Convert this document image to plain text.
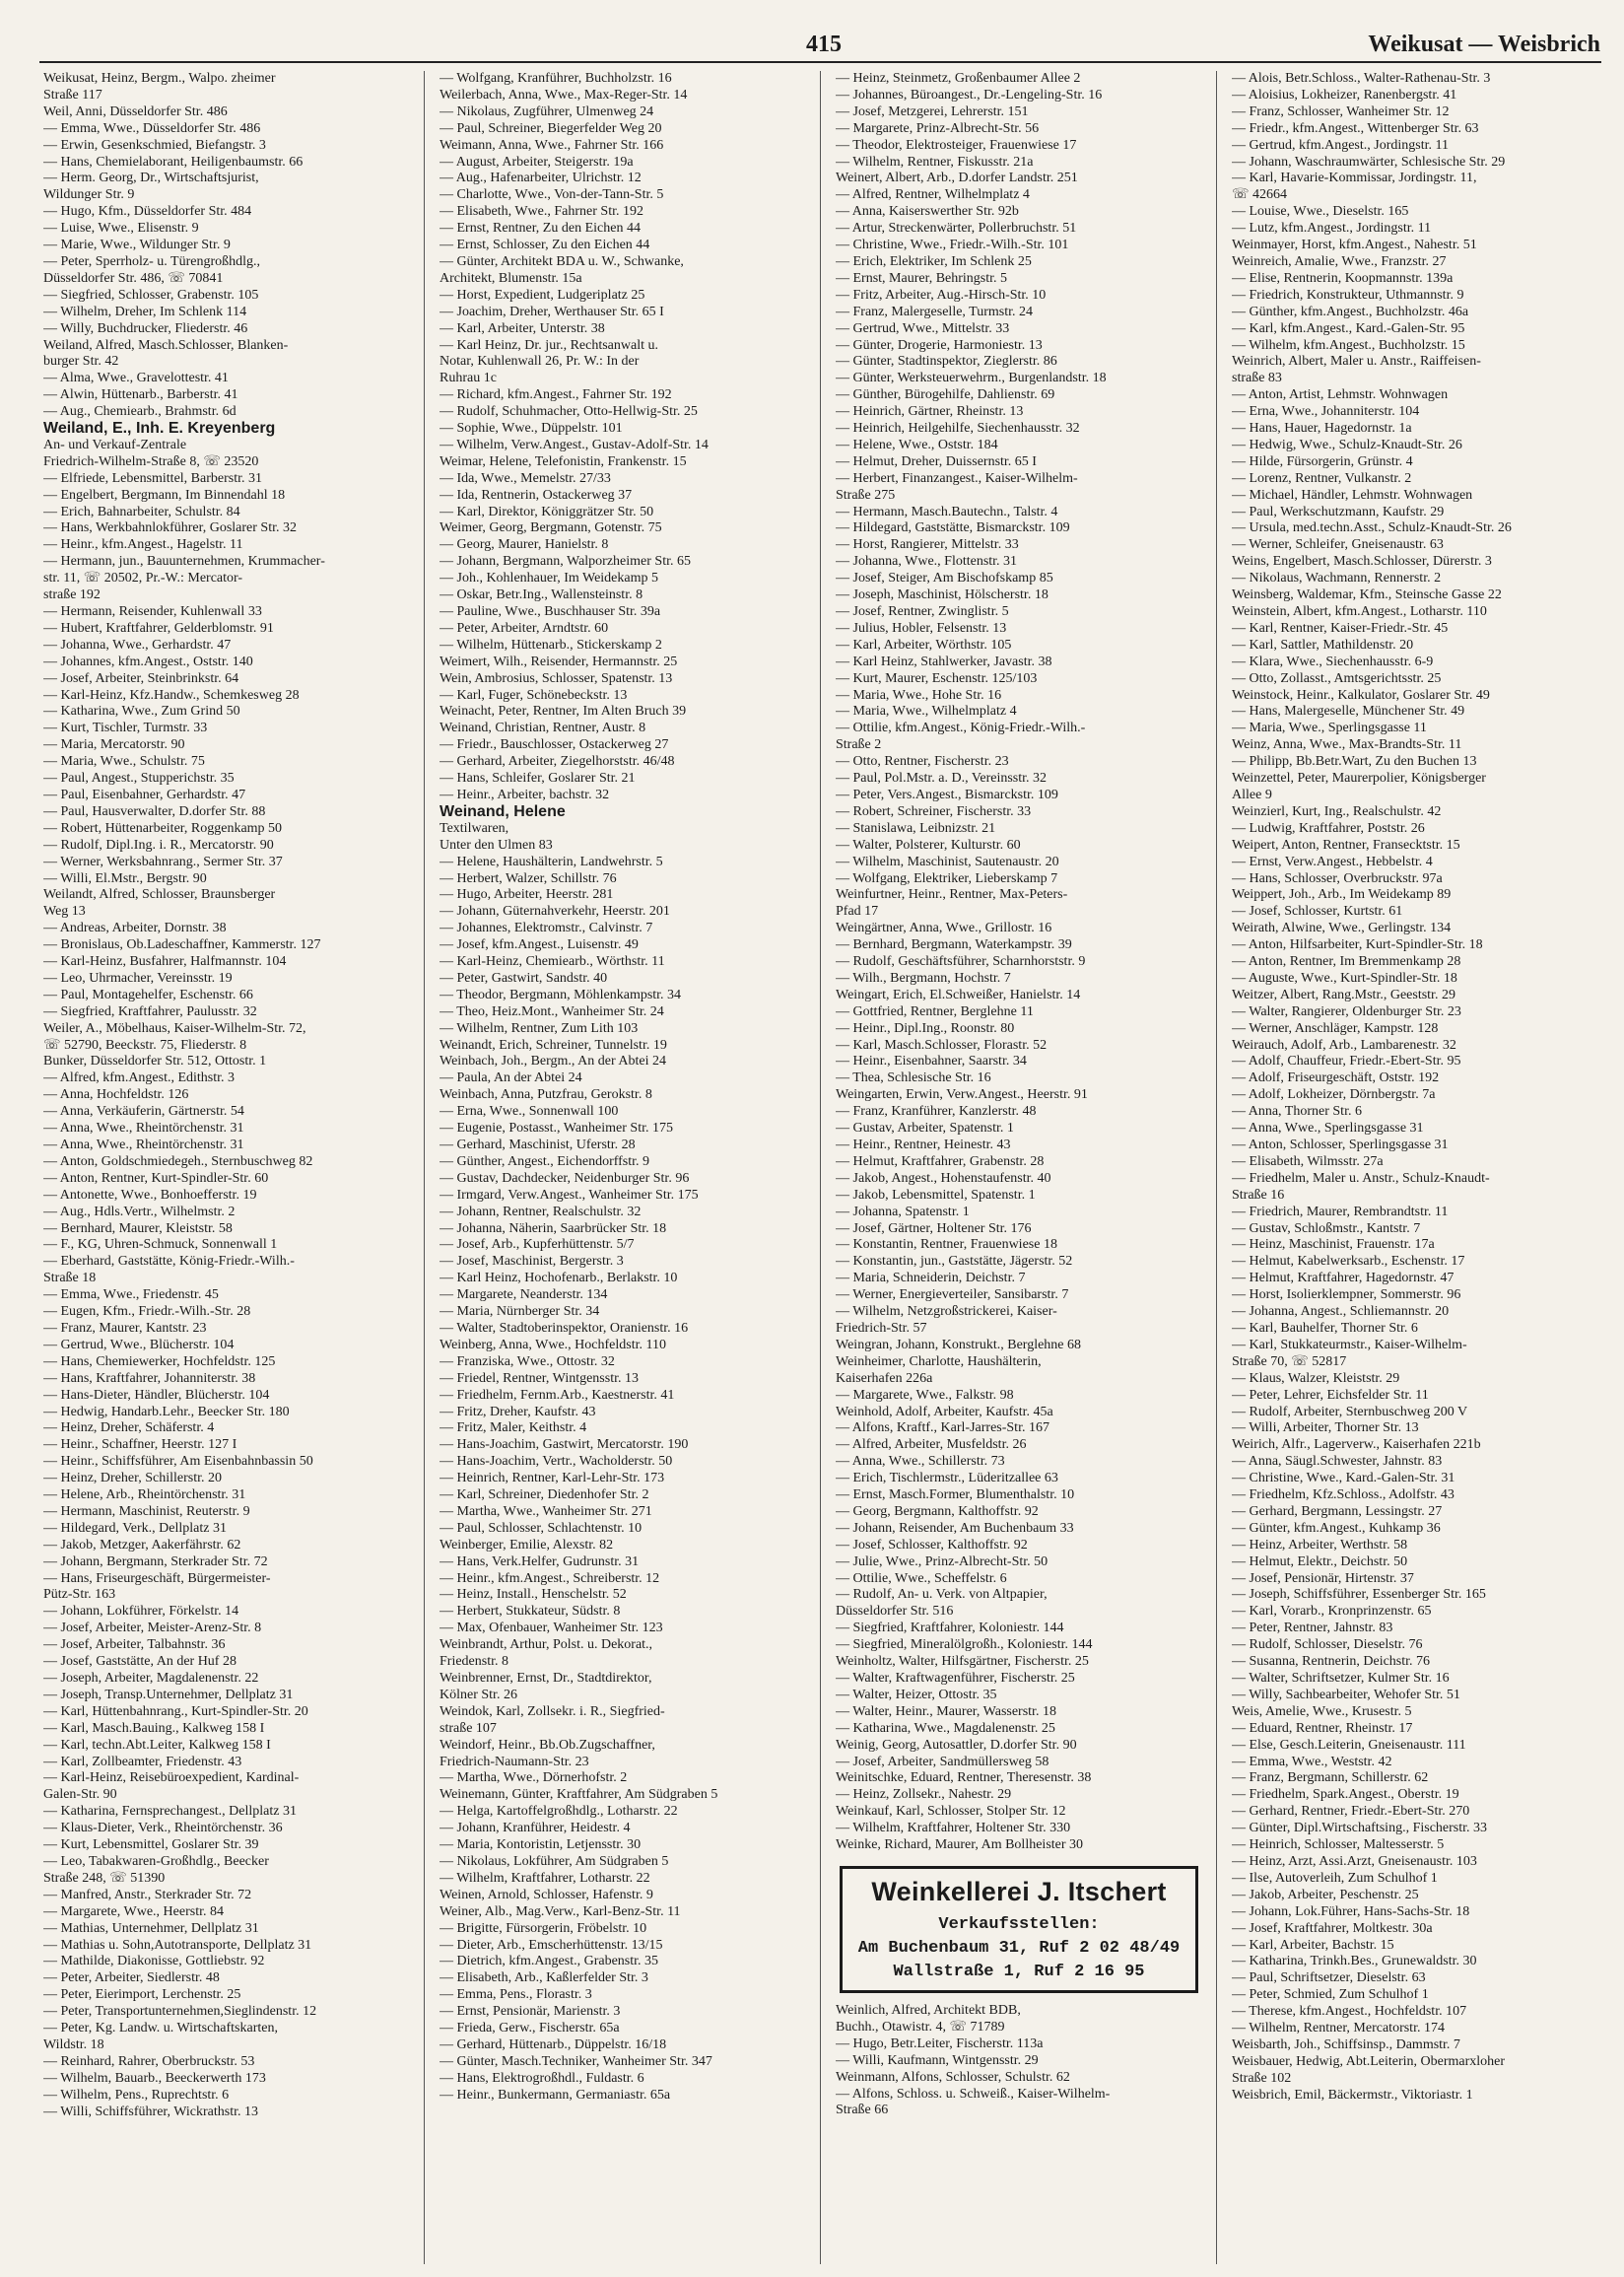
415	Weikusat — Weisbrich
Weikusat, Heinz, Bergm., Walpo. zheimer
Straße 117
Weil, Anni, Düsseldorfer Str. 486
— Emma, Wwe., Düsseldorfer Str. 486
— Erwin, Gesenkschmied, Biefangstr. 3
— Hans, Chemielaborant, Heiligenbaumstr. 66
— Herm. Georg, Dr., Wirtschaftsjurist,
Wildunger Str. 9
— Hugo, Kfm., Düsseldorfer Str. 484
— Luise, Wwe., Elisenstr. 9
— Marie, Wwe., Wildunger Str. 9
— Peter, Sperrholz- u. Türengroßhdlg.,
Düsseldorfer Str. 486, ☏ 70841
— Siegfried, Schlosser, Grabenstr. 105
— Wilhelm, Dreher, Im Schlenk 114
— Willy, Buchdrucker, Fliederstr. 46
Weiland, Alfred, Masch.Schlosser, Blanken-
burger Str. 42
— Alma, Wwe., Gravelottestr. 41
— Alwin, Hüttenarb., Barberstr. 41
— Aug., Chemiearb., Brahmstr. 6d
Weiland, E., Inh. E. Kreyenberg
An- und Verkauf-Zentrale
Friedrich-Wilhelm-Straße 8, ☏ 23520
— Elfriede, Lebensmittel, Barberstr. 31
— Engelbert, Bergmann, Im Binnendahl 18
— Erich, Bahnarbeiter, Schulstr. 84
— Hans, Werkbahnlokführer, Goslarer Str. 32
— Heinr., kfm.Angest., Hagelstr. 11
— Hermann, jun., Bauunternehmen, Krummacher-
str. 11, ☏ 20502, Pr.-W.: Mercator-
straße 192
— Hermann, Reisender, Kuhlenwall 33
— Hubert, Kraftfahrer, Gelderblomstr. 91
— Johanna, Wwe., Gerhardstr. 47
— Johannes, kfm.Angest., Oststr. 140
— Josef, Arbeiter, Steinbrinkstr. 64
— Karl-Heinz, Kfz.Handw., Schemkesweg 28
— Katharina, Wwe., Zum Grind 50
— Kurt, Tischler, Turmstr. 33
— Maria, Mercatorstr. 90
— Maria, Wwe., Schulstr. 75
— Paul, Angest., Stupperichstr. 35
— Paul, Eisenbahner, Gerhardstr. 47
— Paul, Hausverwalter, D.dorfer Str. 88
— Robert, Hüttenarbeiter, Roggenkamp 50
— Rudolf, Dipl.Ing. i. R., Mercatorstr. 90
— Werner, Werksbahnrang., Sermer Str. 37
— Willi, El.Mstr., Bergstr. 90
Weilandt, Alfred, Schlosser, Braunsberger
Weg 13
— Andreas, Arbeiter, Dornstr. 38
— Bronislaus, Ob.Ladeschaffner, Kammerstr. 127
— Karl-Heinz, Busfahrer, Halfmannstr. 104
— Leo, Uhrmacher, Vereinsstr. 19
— Paul, Montagehelfer, Eschenstr. 66
— Siegfried, Kraftfahrer, Paulusstr. 32
Weiler, A., Möbelhaus, Kaiser-Wilhelm-Str. 72,
☏ 52790, Beeckstr. 75, Fliederstr. 8
Bunker, Düsseldorfer Str. 512, Ottostr. 1
— Alfred, kfm.Angest., Edithstr. 3
— Anna, Hochfeldstr. 126
— Anna, Verkäuferin, Gärtnerstr. 54
— Anna, Wwe., Rheintörchenstr. 31
— Anna, Wwe., Rheintörchenstr. 31
— Anton, Goldschmiedegeh., Sternbuschweg 82
— Anton, Rentner, Kurt-Spindler-Str. 60
— Antonette, Wwe., Bonhoefferstr. 19
— Aug., Hdls.Vertr., Wilhelmstr. 2
— Bernhard, Maurer, Kleiststr. 58
— F., KG, Uhren-Schmuck, Sonnenwall 1
— Eberhard, Gaststätte, König-Friedr.-Wilh.-
Straße 18
— Emma, Wwe., Friedenstr. 45
— Eugen, Kfm., Friedr.-Wilh.-Str. 28
— Franz, Maurer, Kantstr. 23
— Gertrud, Wwe., Blücherstr. 104
— Hans, Chemiewerker, Hochfeldstr. 125
— Hans, Kraftfahrer, Johanniterstr. 38
— Hans-Dieter, Händler, Blücherstr. 104
— Hedwig, Handarb.Lehr., Beecker Str. 180
— Heinz, Dreher, Schäferstr. 4
— Heinr., Schaffner, Heerstr. 127 I
— Heinr., Schiffsführer, Am Eisenbahnbassin 50
— Heinz, Dreher, Schillerstr. 20
— Helene, Arb., Rheintörchenstr. 31
— Hermann, Maschinist, Reuterstr. 9
— Hildegard, Verk., Dellplatz 31
— Jakob, Metzger, Aakerfährstr. 62
— Johann, Bergmann, Sterkrader Str. 72
— Hans, Friseurgeschäft, Bürgermeister-
Pütz-Str. 163
— Johann, Lokführer, Förkelstr. 14
— Josef, Arbeiter, Meister-Arenz-Str. 8
— Josef, Arbeiter, Talbahnstr. 36
— Josef, Gaststätte, An der Huf 28
— Joseph, Arbeiter, Magdalenenstr. 22
— Joseph, Transp.Unternehmer, Dellplatz 31
— Karl, Hüttenbahnrang., Kurt-Spindler-Str. 20
— Karl, Masch.Bauing., Kalkweg 158 I
— Karl, techn.Abt.Leiter, Kalkweg 158 I
— Karl, Zollbeamter, Friedenstr. 43
— Karl-Heinz, Reisebüroexpedient, Kardinal-
Galen-Str. 90
— Katharina, Fernsprechangest., Dellplatz 31
— Klaus-Dieter, Verk., Rheintörchenstr. 36
— Kurt, Lebensmittel, Goslarer Str. 39
— Leo, Tabakwaren-Großhdlg., Beecker
Straße 248, ☏ 51390
— Manfred, Anstr., Sterkrader Str. 72
— Margarete, Wwe., Heerstr. 84
— Mathias, Unternehmer, Dellplatz 31
— Mathias u. Sohn,Autotransporte, Dellplatz 31
— Mathilde, Diakonisse, Gottliebstr. 92
— Peter, Arbeiter, Siedlerstr. 48
— Peter, Eierimport, Lerchenstr. 25
— Peter, Transportunternehmen,Sieglindenstr. 12
— Peter, Kg. Landw. u. Wirtschaftskarten,
Wildstr. 18
— Reinhard, Rahrer, Oberbruckstr. 53
— Wilhelm, Bauarb., Beeckerwerth 173
— Wilhelm, Pens., Ruprechtstr. 6
— Willi, Schiffsführer, Wickrathstr. 13
— Wolfgang, Kranführer, Buchholzstr. 16
Weilerbach, Anna, Wwe., Max-Reger-Str. 14
— Nikolaus, Zugführer, Ulmenweg 24
— Paul, Schreiner, Biegerfelder Weg 20
Weimann, Anna, Wwe., Fahrner Str. 166
— August, Arbeiter, Steigerstr. 19a
— Aug., Hafenarbeiter, Ulrichstr. 12
— Charlotte, Wwe., Von-der-Tann-Str. 5
— Elisabeth, Wwe., Fahrner Str. 192
— Ernst, Rentner, Zu den Eichen 44
— Ernst, Schlosser, Zu den Eichen 44
— Günter, Architekt BDA u. W., Schwanke,
Architekt, Blumenstr. 15a
— Horst, Expedient, Ludgeriplatz 25
— Joachim, Dreher, Werthauser Str. 65 I
— Karl, Arbeiter, Unterstr. 38
— Karl Heinz, Dr. jur., Rechtsanwalt u.
Notar, Kuhlenwall 26, Pr. W.: In der
Ruhrau 1c
— Richard, kfm.Angest., Fahrner Str. 192
— Rudolf, Schuhmacher, Otto-Hellwig-Str. 25
— Sophie, Wwe., Düppelstr. 101
— Wilhelm, Verw.Angest., Gustav-Adolf-Str. 14
Weimar, Helene, Telefonistin, Frankenstr. 15
— Ida, Wwe., Memelstr. 27/33
— Ida, Rentnerin, Ostackerweg 37
— Karl, Direktor, Königgrätzer Str. 50
Weimer, Georg, Bergmann, Gotenstr. 75
— Georg, Maurer, Hanielstr. 8
— Johann, Bergmann, Walporzheimer Str. 65
— Joh., Kohlenhauer, Im Weidekamp 5
— Oskar, Betr.Ing., Wallensteinstr. 8
— Pauline, Wwe., Buschhauser Str. 39a
— Peter, Arbeiter, Arndtstr. 60
— Wilhelm, Hüttenarb., Stickerskamp 2
Weimert, Wilh., Reisender, Hermannstr. 25
Wein, Ambrosius, Schlosser, Spatenstr. 13
— Karl, Fuger, Schönebeckstr. 13
Weinacht, Peter, Rentner, Im Alten Bruch 39
Weinand, Christian, Rentner, Austr. 8
— Friedr., Bauschlosser, Ostackerweg 27
— Gerhard, Arbeiter, Ziegelhorststr. 46/48
— Hans, Schleifer, Goslarer Str. 21
— Heinr., Arbeiter, bachstr. 32
Weinand, Helene
Textilwaren,
Unter den Ulmen 83
— Helene, Haushälterin, Landwehrstr. 5
— Herbert, Walzer, Schillstr. 76
— Hugo, Arbeiter, Heerstr. 281
— Johann, Güternahverkehr, Heerstr. 201
— Johannes, Elektromstr., Calvinstr. 7
— Josef, kfm.Angest., Luisenstr. 49
— Karl-Heinz, Chemiearb., Wörthstr. 11
— Peter, Gastwirt, Sandstr. 40
— Theodor, Bergmann, Möhlenkampstr. 34
— Theo, Heiz.Mont., Wanheimer Str. 24
— Wilhelm, Rentner, Zum Lith 103
Weinandt, Erich, Schreiner, Tunnelstr. 19
Weinbach, Joh., Bergm., An der Abtei 24
— Paula, An der Abtei 24
Weinbach, Anna, Putzfrau, Gerokstr. 8
— Erna, Wwe., Sonnenwall 100
— Eugenie, Postasst., Wanheimer Str. 175
— Gerhard, Maschinist, Uferstr. 28
— Günther, Angest., Eichendorffstr. 9
— Gustav, Dachdecker, Neidenburger Str. 96
— Irmgard, Verw.Angest., Wanheimer Str. 175
— Johann, Rentner, Realschulstr. 32
— Johanna, Näherin, Saarbrücker Str. 18
— Josef, Arb., Kupferhüttenstr. 5/7
— Josef, Maschinist, Bergerstr. 3
— Karl Heinz, Hochofenarb., Berlakstr. 10
— Margarete, Neanderstr. 134
— Maria, Nürnberger Str. 34
— Walter, Stadtoberinspektor, Oranienstr. 16
Weinberg, Anna, Wwe., Hochfeldstr. 110
— Franziska, Wwe., Ottostr. 32
— Friedel, Rentner, Wintgensstr. 13
— Friedhelm, Fernm.Arb., Kaestnerstr. 41
— Fritz, Dreher, Kaufstr. 43
— Fritz, Maler, Keithstr. 4
— Hans-Joachim, Gastwirt, Mercatorstr. 190
— Hans-Joachim, Vertr., Wacholderstr. 50
— Heinrich, Rentner, Karl-Lehr-Str. 173
— Karl, Schreiner, Diedenhofer Str. 2
— Martha, Wwe., Wanheimer Str. 271
— Paul, Schlosser, Schlachtenstr. 10
Weinberger, Emilie, Alexstr. 82
— Hans, Verk.Helfer, Gudrunstr. 31
— Heinr., kfm.Angest., Schreiberstr. 12
— Heinz, Install., Henschelstr. 52
— Herbert, Stukkateur, Südstr. 8
— Max, Ofenbauer, Wanheimer Str. 123
Weinbrandt, Arthur, Polst. u. Dekorat.,
Friedenstr. 8
Weinbrenner, Ernst, Dr., Stadtdirektor,
Kölner Str. 26
Weindok, Karl, Zollsekr. i. R., Siegfried-
straße 107
Weindorf, Heinr., Bb.Ob.Zugschaffner,
Friedrich-Naumann-Str. 23
— Martha, Wwe., Dörnerhofstr. 2
Weinemann, Günter, Kraftfahrer, Am Südgraben 5
— Helga, Kartoffelgroßhdlg., Lotharstr. 22
— Johann, Kranführer, Heidestr. 4
— Maria, Kontoristin, Letjensstr. 30
— Nikolaus, Lokführer, Am Südgraben 5
— Wilhelm, Kraftfahrer, Lotharstr. 22
Weinen, Arnold, Schlosser, Hafenstr. 9
Weiner, Alb., Mag.Verw., Karl-Benz-Str. 11
— Brigitte, Fürsorgerin, Fröbelstr. 10
— Dieter, Arb., Emscherhüttenstr. 13/15
— Dietrich, kfm.Angest., Grabenstr. 35
— Elisabeth, Arb., Kaßlerfelder Str. 3
— Emma, Pens., Florastr. 3
— Ernst, Pensionär, Marienstr. 3
— Frieda, Gerw., Fischerstr. 65a
— Gerhard, Hüttenarb., Düppelstr. 16/18
— Günter, Masch.Techniker, Wanheimer Str. 347
— Hans, Elektrogroßhdl., Fuldastr. 6
— Heinr., Bunkermann, Germaniastr. 65a
— Heinz, Steinmetz, Großenbaumer Allee 2
— Johannes, Büroangest., Dr.-Lengeling-Str. 16
— Josef, Metzgerei, Lehrerstr. 151
— Margarete, Prinz-Albrecht-Str. 56
— Theodor, Elektrosteiger, Frauenwiese 17
— Wilhelm, Rentner, Fiskusstr. 21a
Weinert, Albert, Arb., D.dorfer Landstr. 251
— Alfred, Rentner, Wilhelmplatz 4
— Anna, Kaiserswerther Str. 92b
— Artur, Streckenwärter, Pollerbruchstr. 51
— Christine, Wwe., Friedr.-Wilh.-Str. 101
— Erich, Elektriker, Im Schlenk 25
— Ernst, Maurer, Behringstr. 5
— Fritz, Arbeiter, Aug.-Hirsch-Str. 10
— Franz, Malergeselle, Turmstr. 24
— Gertrud, Wwe., Mittelstr. 33
— Günter, Drogerie, Harmoniestr. 13
— Günter, Stadtinspektor, Zieglerstr. 86
— Günter, Werksteuerwehrm., Burgenlandstr. 18
— Günther, Bürogehilfe, Dahlienstr. 69
— Heinrich, Gärtner, Rheinstr. 13
— Heinrich, Heilgehilfe, Siechenhausstr. 32
— Helene, Wwe., Oststr. 184
— Helmut, Dreher, Duissernstr. 65 I
— Herbert, Finanzangest., Kaiser-Wilhelm-
Straße 275
— Hermann, Masch.Bautechn., Talstr. 4
— Hildegard, Gaststätte, Bismarckstr. 109
— Horst, Rangierer, Mittelstr. 33
— Johanna, Wwe., Flottenstr. 31
— Josef, Steiger, Am Bischofskamp 85
— Joseph, Maschinist, Hölscherstr. 18
— Josef, Rentner, Zwinglistr. 5
— Julius, Hobler, Felsenstr. 13
— Karl, Arbeiter, Wörthstr. 105
— Karl Heinz, Stahlwerker, Javastr. 38
— Kurt, Maurer, Eschenstr. 125/103
— Maria, Wwe., Hohe Str. 16
— Maria, Wwe., Wilhelmplatz 4
— Ottilie, kfm.Angest., König-Friedr.-Wilh.-
Straße 2
— Otto, Rentner, Fischerstr. 23
— Paul, Pol.Mstr. a. D., Vereinsstr. 32
— Peter, Vers.Angest., Bismarckstr. 109
— Robert, Schreiner, Fischerstr. 33
— Stanislawa, Leibnizstr. 21
— Walter, Polsterer, Kulturstr. 60
— Wilhelm, Maschinist, Sautenaustr. 20
— Wolfgang, Elektriker, Lieberskamp 7
Weinfurtner, Heinr., Rentner, Max-Peters-
Pfad 17
Weingärtner, Anna, Wwe., Grillostr. 16
— Bernhard, Bergmann, Waterkampstr. 39
— Rudolf, Geschäftsführer, Scharnhorststr. 9
— Wilh., Bergmann, Hochstr. 7
Weingart, Erich, El.Schweißer, Hanielstr. 14
— Gottfried, Rentner, Berglehne 11
— Heinr., Dipl.Ing., Roonstr. 80
— Karl, Masch.Schlosser, Florastr. 52
— Heinr., Eisenbahner, Saarstr. 34
— Thea, Schlesische Str. 16
Weingarten, Erwin, Verw.Angest., Heerstr. 91
— Franz, Kranführer, Kanzlerstr. 48
— Gustav, Arbeiter, Spatenstr. 1
— Heinr., Rentner, Heinestr. 43
— Helmut, Kraftfahrer, Grabenstr. 28
— Jakob, Angest., Hohenstaufenstr. 40
— Jakob, Lebensmittel, Spatenstr. 1
— Johanna, Spatenstr. 1
— Josef, Gärtner, Holtener Str. 176
— Konstantin, Rentner, Frauenwiese 18
— Konstantin, jun., Gaststätte, Jägerstr. 52
— Maria, Schneiderin, Deichstr. 7
— Werner, Energieverteiler, Sansibarstr. 7
— Wilhelm, Netzgroßstrickerei, Kaiser-
Friedrich-Str. 57
Weingran, Johann, Konstrukt., Berglehne 68
Weinheimer, Charlotte, Haushälterin,
Kaiserhafen 226a
— Margarete, Wwe., Falkstr. 98
Weinhold, Adolf, Arbeiter, Kaufstr. 45a
— Alfons, Kraftf., Karl-Jarres-Str. 167
— Alfred, Arbeiter, Musfeldstr. 26
— Anna, Wwe., Schillerstr. 73
— Erich, Tischlermstr., Lüderitzallee 63
— Ernst, Masch.Former, Blumenthalstr. 10
— Georg, Bergmann, Kalthoffstr. 92
— Johann, Reisender, Am Buchenbaum 33
— Josef, Schlosser, Kalthoffstr. 92
— Julie, Wwe., Prinz-Albrecht-Str. 50
— Ottilie, Wwe., Scheffelstr. 6
— Rudolf, An- u. Verk. von Altpapier,
Düsseldorfer Str. 516
— Siegfried, Kraftfahrer, Koloniestr. 144
— Siegfried, Mineralölgroßh., Koloniestr. 144
Weinholtz, Walter, Hilfsgärtner, Fischerstr. 25
— Walter, Kraftwagenführer, Fischerstr. 25
— Walter, Heizer, Ottostr. 35
— Walter, Heinr., Maurer, Wasserstr. 18
— Katharina, Wwe., Magdalenenstr. 25
Weinig, Georg, Autosattler, D.dorfer Str. 90
— Josef, Arbeiter, Sandmüllersweg 58
Weinitschke, Eduard, Rentner, Theresenstr. 38
— Heinz, Zollsekr., Nahestr. 29
Weinkauf, Karl, Schlosser, Stolper Str. 12
— Wilhelm, Kraftfahrer, Holtener Str. 330
Weinke, Richard, Maurer, Am Bollheister 30
Weinkellerei J. Itschert
Verkaufsstellen:
Am Buchenbaum 31, Ruf 2 02 48/49
Wallstraße 1, Ruf 2 16 95
Weinlich, Alfred, Architekt BDB,
Buchh., Otawistr. 4, ☏ 71789
— Hugo, Betr.Leiter, Fischerstr. 113a
— Willi, Kaufmann, Wintgensstr. 29
Weinmann, Alfons, Schlosser, Schulstr. 62
— Alfons, Schloss. u. Schweiß., Kaiser-Wilhelm-
Straße 66
— Alois, Betr.Schloss., Walter-Rathenau-Str. 3
— Aloisius, Lokheizer, Ranenbergstr. 41
— Franz, Schlosser, Wanheimer Str. 12
— Friedr., kfm.Angest., Wittenberger Str. 63
— Gertrud, kfm.Angest., Jordingstr. 11
— Johann, Waschraumwärter, Schlesische Str. 29
— Karl, Havarie-Kommissar, Jordingstr. 11,
☏ 42664
— Louise, Wwe., Dieselstr. 165
— Lutz, kfm.Angest., Jordingstr. 11
Weinmayer, Horst, kfm.Angest., Nahestr. 51
Weinreich, Amalie, Wwe., Franzstr. 27
— Elise, Rentnerin, Koopmannstr. 139a
— Friedrich, Konstrukteur, Uthmannstr. 9
— Günther, kfm.Angest., Buchholzstr. 46a
— Karl, kfm.Angest., Kard.-Galen-Str. 95
— Wilhelm, kfm.Angest., Buchholzstr. 15
Weinrich, Albert, Maler u. Anstr., Raiffeisen-
straße 83
— Anton, Artist, Lehmstr. Wohnwagen
— Erna, Wwe., Johanniterstr. 104
— Hans, Hauer, Hagedornstr. 1a
— Hedwig, Wwe., Schulz-Knaudt-Str. 26
— Hilde, Fürsorgerin, Grünstr. 4
— Lorenz, Rentner, Vulkanstr. 2
— Michael, Händler, Lehmstr. Wohnwagen
— Paul, Werkschutzmann, Kaufstr. 29
— Ursula, med.techn.Asst., Schulz-Knaudt-Str. 26
— Werner, Schleifer, Gneisenaustr. 63
Weins, Engelbert, Masch.Schlosser, Dürerstr. 3
— Nikolaus, Wachmann, Rennerstr. 2
Weinsberg, Waldemar, Kfm., Steinsche Gasse 22
Weinstein, Albert, kfm.Angest., Lotharstr. 110
— Karl, Rentner, Kaiser-Friedr.-Str. 45
— Karl, Sattler, Mathildenstr. 20
— Klara, Wwe., Siechenhausstr. 6-9
— Otto, Zollasst., Amtsgerichtsstr. 25
Weinstock, Heinr., Kalkulator, Goslarer Str. 49
— Hans, Malergeselle, Münchener Str. 49
— Maria, Wwe., Sperlingsgasse 11
Weinz, Anna, Wwe., Max-Brandts-Str. 11
— Philipp, Bb.Betr.Wart, Zu den Buchen 13
Weinzettel, Peter, Maurerpolier, Königsberger
Allee 9
Weinzierl, Kurt, Ing., Realschulstr. 42
— Ludwig, Kraftfahrer, Poststr. 26
Weipert, Anton, Rentner, Fransecktstr. 15
— Ernst, Verw.Angest., Hebbelstr. 4
— Hans, Schlosser, Overbruckstr. 97a
Weippert, Joh., Arb., Im Weidekamp 89
— Josef, Schlosser, Kurtstr. 61
Weirath, Alwine, Wwe., Gerlingstr. 134
— Anton, Hilfsarbeiter, Kurt-Spindler-Str. 18
— Anton, Rentner, Im Bremmenkamp 28
— Auguste, Wwe., Kurt-Spindler-Str. 18
Weitzer, Albert, Rang.Mstr., Geeststr. 29
— Walter, Rangierer, Oldenburger Str. 23
— Werner, Anschläger, Kampstr. 128
Weirauch, Adolf, Arb., Lambarenestr. 32
— Adolf, Chauffeur, Friedr.-Ebert-Str. 95
— Adolf, Friseurgeschäft, Oststr. 192
— Adolf, Lokheizer, Dörnbergstr. 7a
— Anna, Thorner Str. 6
— Anna, Wwe., Sperlingsgasse 31
— Anton, Schlosser, Sperlingsgasse 31
— Elisabeth, Wilmsstr. 27a
— Friedhelm, Maler u. Anstr., Schulz-Knaudt-
Straße 16
— Friedrich, Maurer, Rembrandtstr. 11
— Gustav, Schloßmstr., Kantstr. 7
— Heinz, Maschinist, Frauenstr. 17a
— Helmut, Kabelwerksarb., Eschenstr. 17
— Helmut, Kraftfahrer, Hagedornstr. 47
— Horst, Isolierklempner, Sommerstr. 96
— Johanna, Angest., Schliemannstr. 20
— Karl, Bauhelfer, Thorner Str. 6
— Karl, Stukkateurmstr., Kaiser-Wilhelm-
Straße 70, ☏ 52817
— Klaus, Walzer, Kleiststr. 29
— Peter, Lehrer, Eichsfelder Str. 11
— Rudolf, Arbeiter, Sternbuschweg 200 V
— Willi, Arbeiter, Thorner Str. 13
Weirich, Alfr., Lagerverw., Kaiserhafen 221b
— Anna, Säugl.Schwester, Jahnstr. 83
— Christine, Wwe., Kard.-Galen-Str. 31
— Friedhelm, Kfz.Schloss., Adolfstr. 43
— Gerhard, Bergmann, Lessingstr. 27
— Günter, kfm.Angest., Kuhkamp 36
— Heinz, Arbeiter, Werthstr. 58
— Helmut, Elektr., Deichstr. 50
— Josef, Pensionär, Hirtenstr. 37
— Joseph, Schiffsführer, Essenberger Str. 165
— Karl, Vorarb., Kronprinzenstr. 65
— Peter, Rentner, Jahnstr. 83
— Rudolf, Schlosser, Dieselstr. 76
— Susanna, Rentnerin, Deichstr. 76
— Walter, Schriftsetzer, Kulmer Str. 16
— Willy, Sachbearbeiter, Wehofer Str. 51
Weis, Amelie, Wwe., Krusestr. 5
— Eduard, Rentner, Rheinstr. 17
— Else, Gesch.Leiterin, Gneisenaustr. 111
— Emma, Wwe., Weststr. 42
— Franz, Bergmann, Schillerstr. 62
— Friedhelm, Spark.Angest., Oberstr. 19
— Gerhard, Rentner, Friedr.-Ebert-Str. 270
— Günter, Dipl.Wirtschaftsing., Fischerstr. 33
— Heinrich, Schlosser, Maltesserstr. 5
— Heinz, Arzt, Assi.Arzt, Gneisenaustr. 103
— Ilse, Autoverleih, Zum Schulhof 1
— Jakob, Arbeiter, Peschenstr. 25
— Johann, Lok.Führer, Hans-Sachs-Str. 18
— Josef, Kraftfahrer, Moltkestr. 30a
— Karl, Arbeiter, Bachstr. 15
— Katharina, Trinkh.Bes., Grunewaldstr. 30
— Paul, Schriftsetzer, Dieselstr. 63
— Peter, Schmied, Zum Schulhof 1
— Therese, kfm.Angest., Hochfeldstr. 107
— Wilhelm, Rentner, Mercatorstr. 174
Weisbarth, Joh., Schiffsinsp., Dammstr. 7
Weisbauer, Hedwig, Abt.Leiterin, Obermarxloher
Straße 102
Weisbrich, Emil, Bäckermstr., Viktoriastr. 1
